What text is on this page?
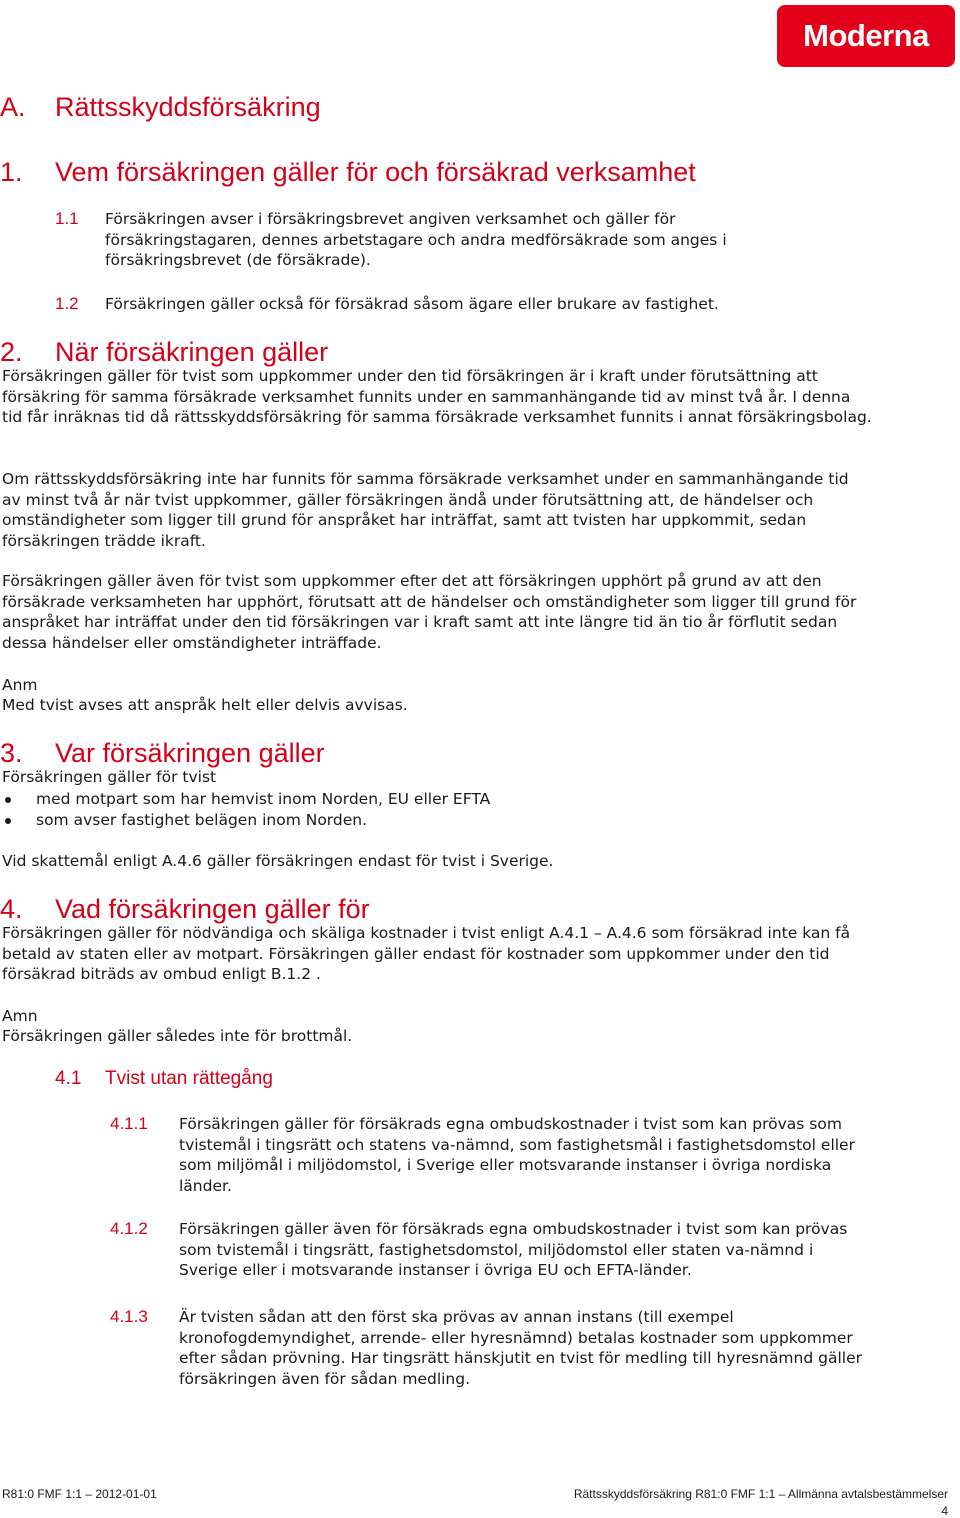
Moderna
A. Rättsskyddsförsäkring
1. Vem försäkringen gäller för och försäkrad verksamhet
1.1 Försäkringen avser i försäkringsbrevet angiven verksamhet och gäller för försäkringstagaren, dennes arbetstagare och andra medförsäkrade som anges i försäkringsbrevet (de försäkrade).
1.2 Försäkringen gäller också för försäkrad såsom ägare eller brukare av fastighet.
2. När försäkringen gäller
Försäkringen gäller för tvist som uppkommer under den tid försäkringen är i kraft under förutsättning att försäkring för samma försäkrade verksamhet funnits under en sammanhängande tid av minst två år. I denna tid får inräknas tid då rättsskyddsförsäkring för samma försäkrade verksamhet funnits i annat försäkringsbolag.
Om rättsskyddsförsäkring inte har funnits för samma försäkrade verksamhet under en sammanhängande tid av minst två år när tvist uppkommer, gäller försäkringen ändå under förutsättning att, de händelser och omständigheter som ligger till grund för anspråket har inträffat, samt att tvisten har uppkommit, sedan försäkringen trädde ikraft.
Försäkringen gäller även för tvist som uppkommer efter det att försäkringen upphört på grund av att den försäkrade verksamheten har upphört, förutsatt att de händelser och omständigheter som ligger till grund för anspråket har inträffat under den tid försäkringen var i kraft samt att inte längre tid än tio år förflutit sedan dessa händelser eller omständigheter inträffade.
Anm
Med tvist avses att anspråk helt eller delvis avvisas.
3. Var försäkringen gäller
Försäkringen gäller för tvist
med motpart som har hemvist inom Norden, EU eller EFTA
som avser fastighet belägen inom Norden.
Vid skattemål enligt A.4.6 gäller försäkringen endast för tvist i Sverige.
4. Vad försäkringen gäller för
Försäkringen gäller för nödvändiga och skäliga kostnader i tvist enligt A.4.1 – A.4.6 som försäkrad inte kan få betald av staten eller av motpart. Försäkringen gäller endast för kostnader som uppkommer under den tid försäkrad biträds av ombud enligt B.1.2 .
Amn
Försäkringen gäller således inte för brottmål.
4.1 Tvist utan rättegång
4.1.1 Försäkringen gäller för försäkrads egna ombudskostnader i tvist som kan prövas som tvistemål i tingsrätt och statens va-nämnd, som fastighetsmål i fastighetsdomstol eller som miljömål i miljödomstol, i Sverige eller motsvarande instanser i övriga nordiska länder.
4.1.2 Försäkringen gäller även för försäkrads egna ombudskostnader i tvist som kan prövas som tvistemål i tingsrätt, fastighetsdomstol, miljödomstol eller staten va-nämnd i Sverige eller i motsvarande instanser i övriga EU och EFTA-länder.
4.1.3 Är tvisten sådan att den först ska prövas av annan instans (till exempel kronofogdemyndighet, arrende- eller hyresnämnd) betalas kostnader som uppkommer efter sådan prövning. Har tingsrätt hänskjutit en tvist för medling till hyresnämnd gäller försäkringen även för sådan medling.
R81:0 FMF 1:1 – 2012-01-01	Rättsskyddsförsäkring R81:0 FMF 1:1 – Allmänna avtalsbestämmelser
4
